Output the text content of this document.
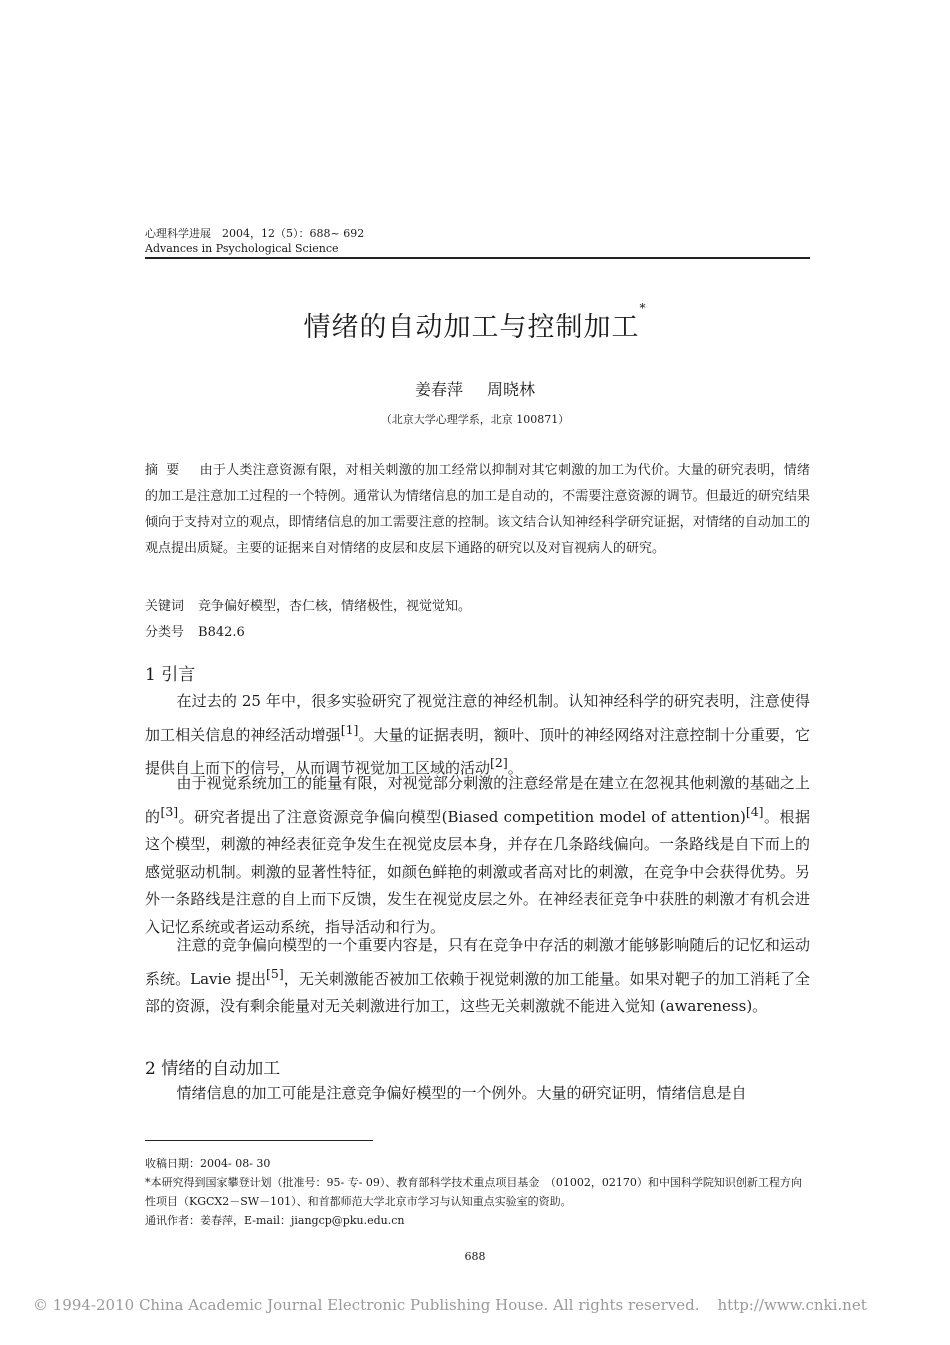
心理科学进展　2004，12（5）：688~ 692
Advances in Psychological Science
情绪的自动加工与控制加工*
姜春萍 周晓林
（北京大学心理学系，北京 100871）
摘要 由于人类注意资源有限，对相关刺激的加工经常以抑制对其它刺激的加工为代价。大量的研究表明，情绪的加工是注意加工过程的一个特例。通常认为情绪信息的加工是自动的，不需要注意资源的调节。但最近的研究结果倾向于支持对立的观点，即情绪信息的加工需要注意的控制。该文结合认知神经科学研究证据，对情绪的自动加工的观点提出质疑。主要的证据来自对情绪的皮层和皮层下通路的研究以及对盲视病人的研究。
关键词 竞争偏好模型，杏仁核，情绪极性，视觉觉知。
分类号 B842.6
1 引言
在过去的 25 年中，很多实验研究了视觉注意的神经机制。认知神经科学的研究表明，注意使得加工相关信息的神经活动增强[1]。大量的证据表明，额叶、顶叶的神经网络对注意控制十分重要，它提供自上而下的信号，从而调节视觉加工区域的活动[2]。
由于视觉系统加工的能量有限，对视觉部分刺激的注意经常是在建立在忽视其他刺激的基础之上的[3]。研究者提出了注意资源竞争偏向模型(Biased competition model of attention)[4]。根据这个模型，刺激的神经表征竞争发生在视觉皮层本身，并存在几条路线偏向。一条路线是自下而上的感觉驱动机制。刺激的显著性特征，如颜色鲜艳的刺激或者高对比的刺激，在竞争中会获得优势。另外一条路线是注意的自上而下反馈，发生在视觉皮层之外。在神经表征竞争中获胜的刺激才有机会进入记忆系统或者运动系统，指导活动和行为。
注意的竞争偏向模型的一个重要内容是，只有在竞争中存活的刺激才能够影响随后的记忆和运动系统。Lavie 提出[5]，无关刺激能否被加工依赖于视觉刺激的加工能量。如果对靶子的加工消耗了全部的资源，没有剩余能量对无关刺激进行加工，这些无关刺激就不能进入觉知 (awareness)。
2 情绪的自动加工
情绪信息的加工可能是注意竞争偏好模型的一个例外。大量的研究证明，情绪信息是自
收稿日期：2004- 08- 30
*本研究得到国家攀登计划（批准号：95- 专- 09）、教育部科学技术重点项目基金　（01002，02170）和中国科学院知识创新工程方向性项目（KGCX2－SW－101）、和首都师范大学北京市学习与认知重点实验室的资助。
通讯作者：姜春萍，E-mail：jiangcp@pku.edu.cn
688
© 1994-2010 China Academic Journal Electronic Publishing House. All rights reserved. http://www.cnki.net
